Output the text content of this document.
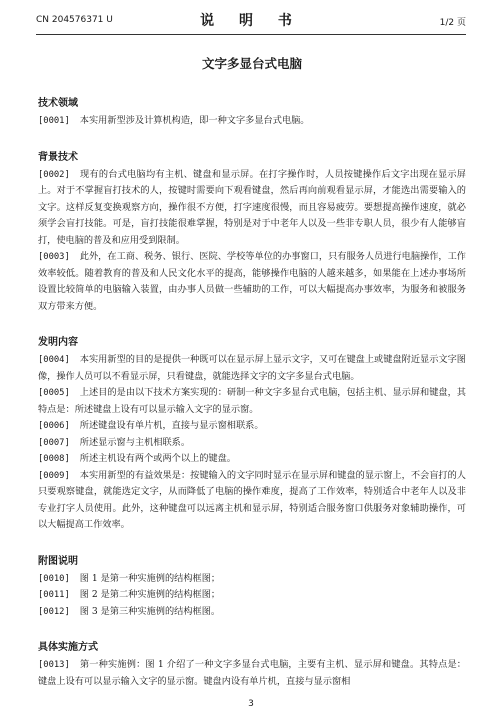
CN 204576371 U	说 明 书	1/2 页
文字多显台式电脑
技术领域

[0001] 本实用新型涉及计算机构造，即一种文字多显台式电脑。

背景技术

[0002] 现有的台式电脑均有主机、键盘和显示屏。在打字操作时，人员按键操作后文字出现在显示屏上。对于不掌握盲打技术的人，按键时需要向下观看键盘，然后再向前观看显示屏，才能选出需要输入的文字。这样反复变换观察方向，操作很不方便，打字速度很慢，而且容易疲劳。要想提高操作速度，就必须学会盲打技能。可是，盲打技能很难掌握，特别是对于中老年人以及一些非专职人员，很少有人能够盲打，使电脑的普及和应用受到限制。

[0003] 此外，在工商、税务、银行、医院、学校等单位的办事窗口，只有服务人员进行电脑操作，工作效率较低。随着教育的普及和人民文化水平的提高，能够操作电脑的人越来越多，如果能在上述办事场所设置比较简单的电脑输入装置，由办事人员做一些辅助的工作，可以大幅提高办事效率，为服务和被服务双方带来方便。

发明内容

[0004] 本实用新型的目的是提供一种既可以在显示屏上显示文字，又可在键盘上或键盘附近显示文字图像，操作人员可以不看显示屏，只看键盘，就能选择文字的文字多显台式电脑。

[0005] 上述目的是由以下技术方案实现的：研制一种文字多显台式电脑，包括主机、显示屏和键盘，其特点是：所述键盘上设有可以显示输入文字的显示窗。

[0006] 所述键盘设有单片机，直接与显示窗相联系。

[0007] 所述显示窗与主机相联系。

[0008] 所述主机设有两个或两个以上的键盘。

[0009] 本实用新型的有益效果是：按键输入的文字同时显示在显示屏和键盘的显示窗上，不会盲打的人只要观察键盘，就能选定文字，从而降低了电脑的操作难度，提高了工作效率，特别适合中老年人以及非专业打字人员使用。此外，这种键盘可以远离主机和显示屏，特别适合服务窗口供服务对象辅助操作，可以大幅提高工作效率。

附图说明

[0010] 图 1 是第一种实施例的结构框图；

[0011] 图 2 是第二种实施例的结构框图；

[0012] 图 3 是第三种实施例的结构框图。

具体实施方式

[0013] 第一种实施例：图 1 介绍了一种文字多显台式电脑，主要有主机、显示屏和键盘。其特点是：键盘上设有可以显示输入文字的显示窗。键盘内设有单片机，直接与显示窗相

3
